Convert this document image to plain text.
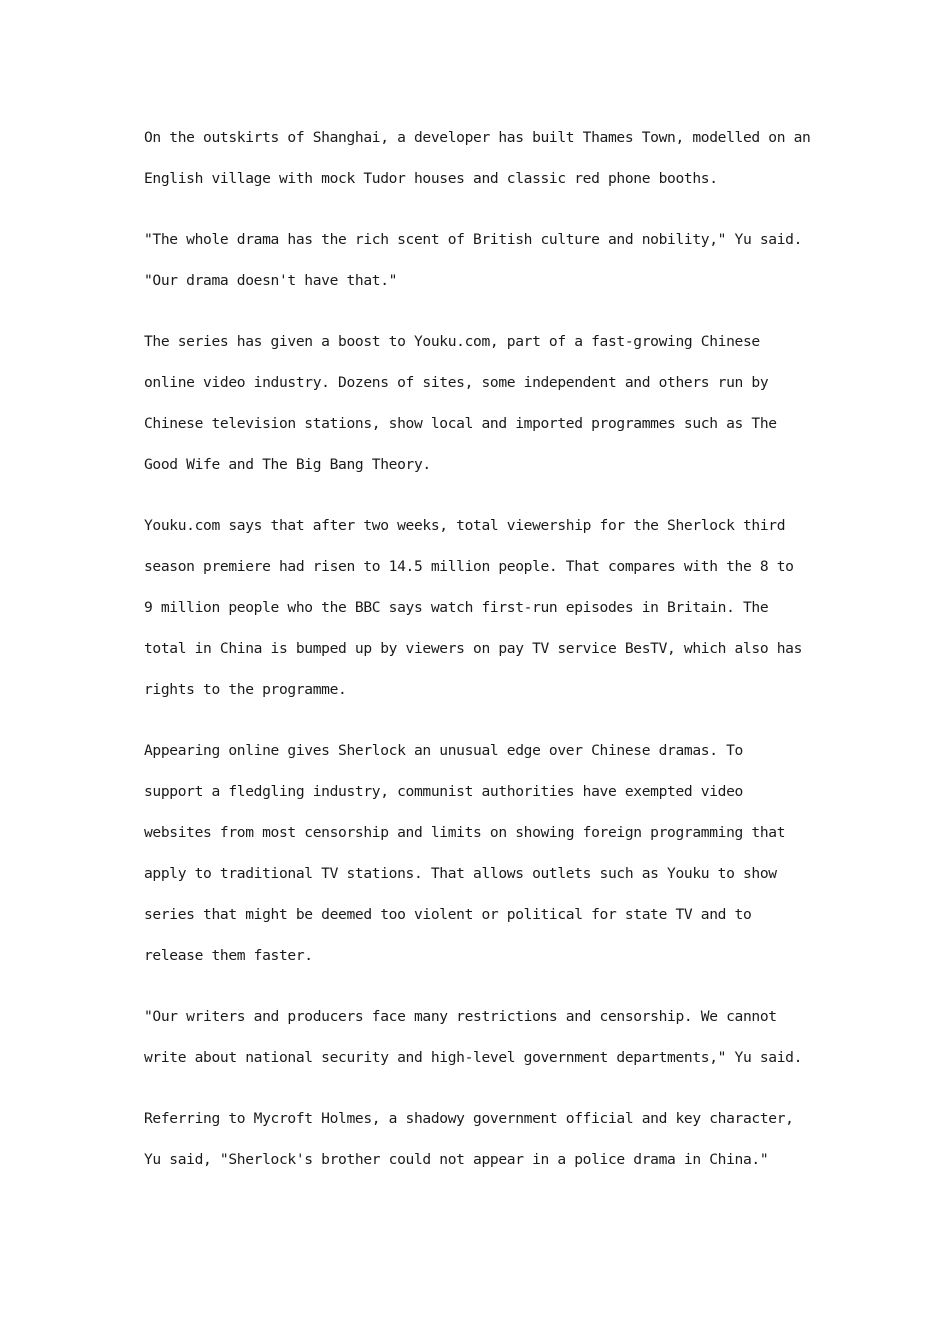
On the outskirts of Shanghai, a developer has built Thames Town, modelled on an
English village with mock Tudor houses and classic red phone booths.

"The whole drama has the rich scent of British culture and nobility," Yu said.
"Our drama doesn't have that."

The series has given a boost to Youku.com, part of a fast-growing Chinese
online video industry. Dozens of sites, some independent and others run by
Chinese television stations, show local and imported programmes such as The
Good Wife and The Big Bang Theory.

Youku.com says that after two weeks, total viewership for the Sherlock third
season premiere had risen to 14.5 million people. That compares with the 8 to
9 million people who the BBC says watch first-run episodes in Britain. The
total in China is bumped up by viewers on pay TV service BesTV, which also has
rights to the programme.

Appearing online gives Sherlock an unusual edge over Chinese dramas. To
support a fledgling industry, communist authorities have exempted video
websites from most censorship and limits on showing foreign programming that
apply to traditional TV stations. That allows outlets such as Youku to show
series that might be deemed too violent or political for state TV and to
release them faster.

"Our writers and producers face many restrictions and censorship. We cannot
write about national security and high-level government departments," Yu said.

Referring to Mycroft Holmes, a shadowy government official and key character,
Yu said, "Sherlock's brother could not appear in a police drama in China."
